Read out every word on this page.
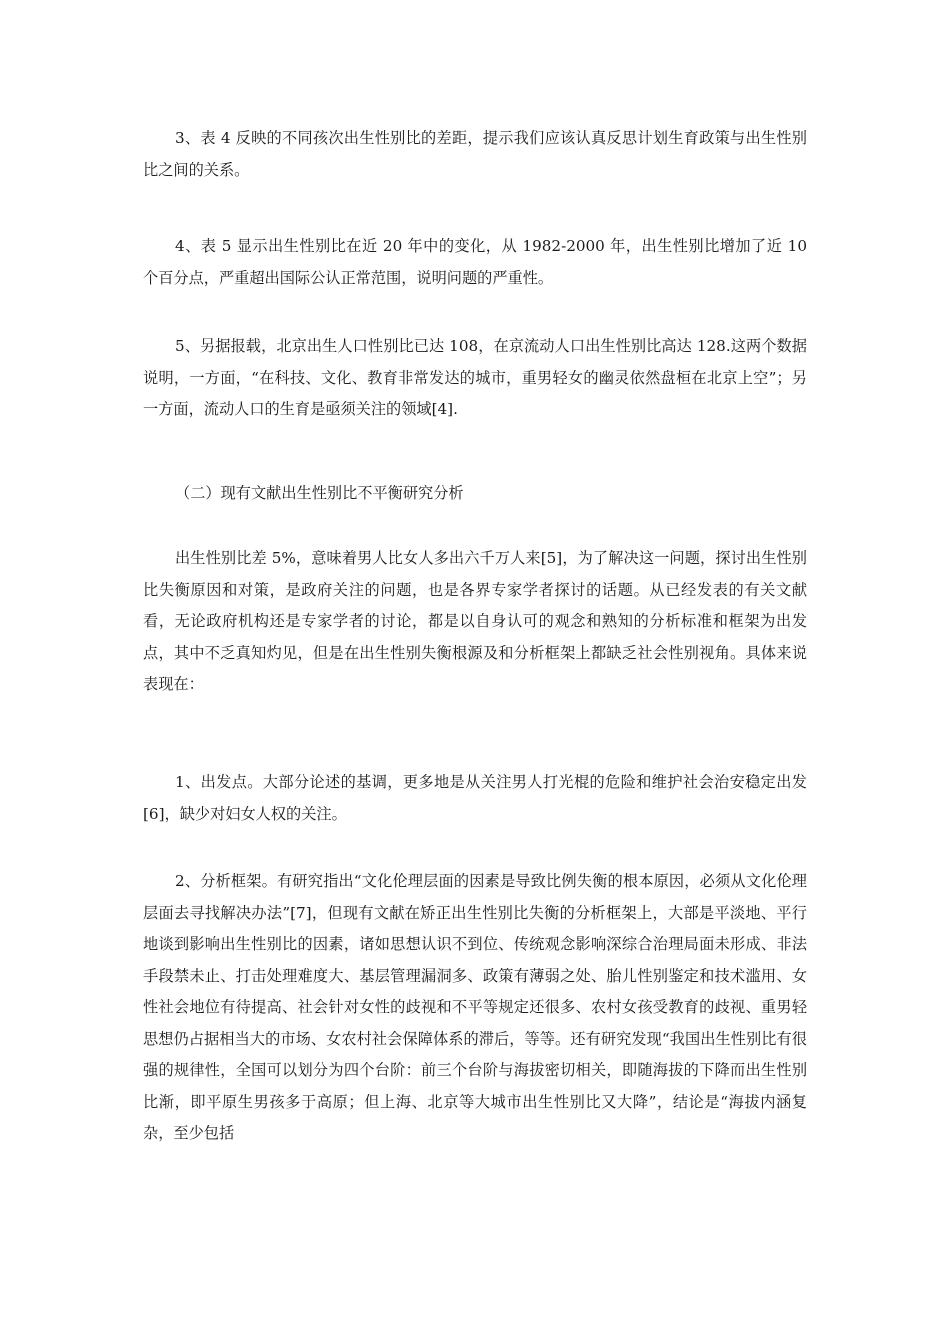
3、表 4 反映的不同孩次出生性别比的差距，提示我们应该认真反思计划生育政策与出生性别比之间的关系。

4、表 5 显示出生性别比在近 20 年中的变化，从 1982-2000 年，出生性别比增加了近 10 个百分点，严重超出国际公认正常范围，说明问题的严重性。

5、另据报载，北京出生人口性别比已达 108，在京流动人口出生性别比高达 128.这两个数据说明，一方面，“在科技、文化、教育非常发达的城市，重男轻女的幽灵依然盘桓在北京上空”；另一方面，流动人口的生育是亟须关注的领域[4].

（二）现有文献出生性别比不平衡研究分析

出生性别比差 5%，意味着男人比女人多出六千万人来[5]，为了解决这一问题，探讨出生性别比失衡原因和对策，是政府关注的问题，也是各界专家学者探讨的话题。从已经发表的有关文献看，无论政府机构还是专家学者的讨论，都是以自身认可的观念和熟知的分析标准和框架为出发点，其中不乏真知灼见，但是在出生性别失衡根源及和分析框架上都缺乏社会性别视角。具体来说表现在：

1、出发点。大部分论述的基调，更多地是从关注男人打光棍的危险和维护社会治安稳定出发[6]，缺少对妇女人权的关注。

2、分析框架。有研究指出“文化伦理层面的因素是导致比例失衡的根本原因，必须从文化伦理层面去寻找解决办法”[7]，但现有文献在矫正出生性别比失衡的分析框架上，大部是平淡地、平行地谈到影响出生性别比的因素，诸如思想认识不到位、传统观念影响深综合治理局面未形成、非法手段禁未止、打击处理难度大、基层管理漏洞多、政策有薄弱之处、胎儿性别鉴定和技术滥用、女性社会地位有待提高、社会针对女性的歧视和不平等规定还很多、农村女孩受教育的歧视、重男轻思想仍占据相当大的市场、女农村社会保障体系的滞后，等等。还有研究发现“我国出生性别比有很强的规律性，全国可以划分为四个台阶：前三个台阶与海拔密切相关，即随海拔的下降而出生性别比渐，即平原生男孩多于高原；但上海、北京等大城市出生性别比又大降”，结论是“海拔内涵复杂，至少包括
